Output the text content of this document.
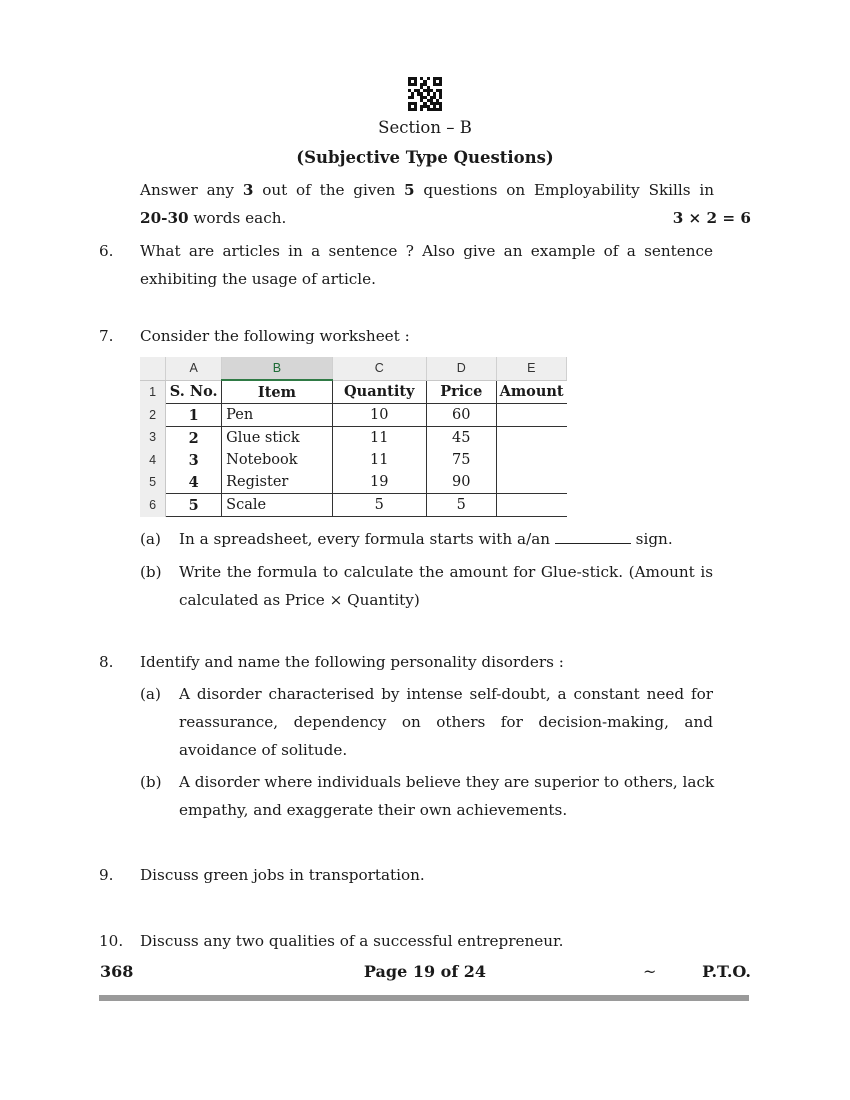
Section – B
(Subjective Type Questions)
Answer any 3 out of the given 5 questions on Employability Skills in
20-30 words each.	3 × 2 = 6
6. What are articles in a sentence ? Also give an example of a sentence
exhibiting the usage of article.
7. Consider the following worksheet :
	A	B	C	D	E
1	S. No.	Item	Quantity	Price	Amount
2	1	Pen	10	60	
3	2	Glue stick	11	45	
4	3	Notebook	11	75	
5	4	Register	19	90	
6	5	Scale	5	5	
(a) In a spreadsheet, every formula starts with a/an	sign.
(b) Write the formula to calculate the amount for Glue-stick. (Amount is
calculated as Price × Quantity)
8. Identify and name the following personality disorders :
(a) A disorder characterised by intense self-doubt, a constant need for
reassurance, dependency on others for decision-making, and
avoidance of solitude.
(b) A disorder where individuals believe they are superior to others, lack
empathy, and exaggerate their own achievements.
9. Discuss green jobs in transportation.
10. Discuss any two qualities of a successful entrepreneur.
368	Page 19 of 24	~	P.T.O.
